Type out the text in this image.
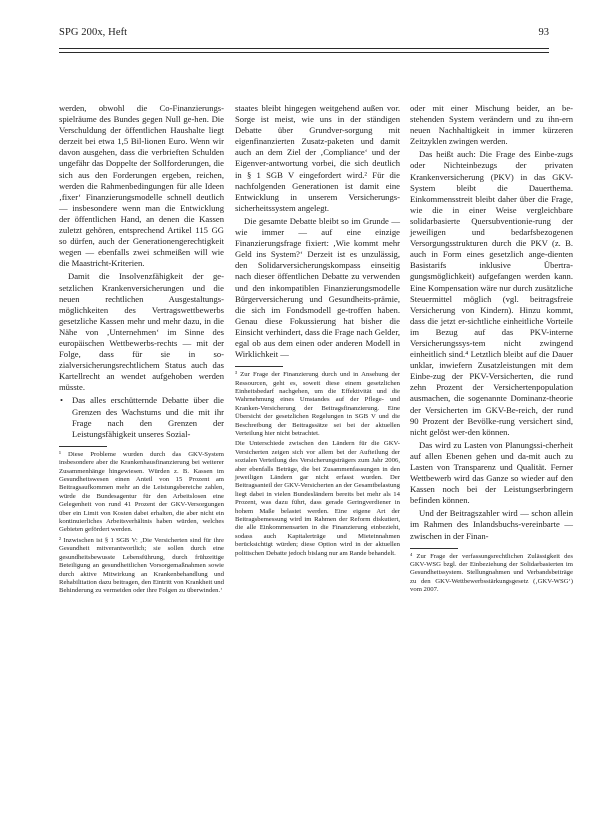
SPG 200x, Heft	93

werden, obwohl die Co-Finanzierungs-spielräume des Bundes gegen Null ge-hen. Die Verschuldung der öffentlichen Haushalte liegt derzeit bei etwa 1,5 Bil-lionen Euro. Wenn wir davon ausgehen, dass die verbrieften Schulden ungefähr das Doppelte der Sollforderungen, die sich aus den Forderungen ergeben, reichen, werden die Rahmenbedingungen für alle Ideen ‚fixer‘ Finanzierungsmodelle schnell deutlich — insbesondere wenn man die Entwicklung der öffentlichen Hand, an denen die Kassen zuletzt gehören, entsprechend Artikel 115 GG so dürfen, auch der Generationengerechtigkeit wegen — ebenfalls zwei schmeißen will wie die Maastricht-Kriterien.

Damit die Insolvenzfähigkeit der ge-setzlichen Krankenversicherungen und die neuen rechtlichen Ausgestaltungs-möglichkeiten des Vertragswettbewerbs gesetzliche Kassen mehr und mehr dazu, in die Nähe von ‚Unternehmen‘ im Sinne des europäischen Wettbewerbs-rechts — mit der Folge, dass für sie in so-zialversicherungsrechtlichem Status auch das Kartellrecht an wendet aufgehoben werden müsste.

• Das alles erschütternde Debatte über die Grenzen des Wachstums und die mit ihr Frage nach den Grenzen der Leistungsfähigkeit unseres Sozial-

¹ Diese Probleme wurden durch das GKV-System insbesondere aber die Krankenhausfinanzierung bei weiterer Zusammenhänge hingewiesen. Würden z. B. Kassen im Gesundheitswesen einen Anteil von 15 Prozent am Beitragsaufkommen mehr an die Leistungsbereiche zahlen, würde die Bundesagentur für den Arbeitslosen eine Gelegenheit von rund 41 Prozent der GKV-Versorgungen über ein Limit von Kosten dabei erhalten, die aber nicht ein kontinuierliches Arbeitsverhältnis haben würden, welches Gebieten gefördert werden.

² Inzwischen ist § 1 SGB V: ‚Die Versicherten sind für ihre Gesundheit mitverantwortlich; sie sollen durch eine gesundheitsbewusste Lebensführung, durch frühzeitige Beteiligung an gesundheitlichen Vorsorgemaßnahmen sowie durch aktive Mitwirkung an Krankenbehandlung und Rehabilitation dazu beitragen, den Eintritt von Krankheit und Behinderung zu vermeiden oder ihre Folgen zu überwinden.‘

staates bleibt hingegen weitgehend außen vor. Sorge ist meist, wie uns in der ständigen Debatte über Grundver-sorgung mit eigenfinanzierten Zusatz-paketen und damit auch an dem Ziel der ‚Compliance‘ und der Eigenver-antwortung vorbei, die sich deutlich in § 1 SGB V eingefordert wird.² Für die nachfolgenden Generationen ist damit eine Entwicklung in unserem Versicherungs-sicherheitssystem angelegt.

Die gesamte Debatte bleibt so im Grunde — wie immer — auf eine einzige Finanzierungsfrage fixiert: ‚Wie kommt mehr Geld ins System?‘ Derzeit ist es unzulässig, den Solidarversicherungskompass einseitig nach dieser öffentlichen Debatte zu verwenden und den inkompatiblen Finanzierungsmodelle Bürgerversicherung und Gesundheits-prämie, die sich im Fondsmodell ge-troffen haben. Genau diese Fokussierung hat bisher die Einsicht verhindert, dass die Frage nach Gelder, egal ob aus dem einen oder anderen Modell in Wirklichkeit —

³ Zur Frage der Finanzierung durch und in Ansehung der Ressourcen, geht es, soweit diese einem gesetzlichen Einheitsbedarf nachgehen, um die Effektivität und die Wahrnehmung eines Umstandes auf der Pflege- und Kranken-Versicherung der Beitragsfinanzierung. Eine Übersicht der gesetzlichen Regelungen in SGB V und die Beschreibung der Beitragssätze sei bei der aktuellen Verteilung hier nicht betrachtet.

Die Unterschiede zwischen den Ländern für die GKV-Versicherten zeigen sich vor allem bei der Aufteilung der sozialen Verteilung des Versicherungsträgers zum Jahr 2006, aber ebenfalls Beträge, die bei Zusammenfassungen in den jeweiligen Ländern gar nicht erfasst wurden. Der Beitragsanteil der GKV-Versicherten an der Gesamtbelastung liegt dabei in vielen Bundesländern bereits bei mehr als 14 Prozent, was dazu führt, dass gerade Geringverdiener in hohem Maße belastet werden. Eine eigene Art der Beitragsbemessung wird im Rahmen der Reform diskutiert, die alle Einkommensarten in die Finanzierung einbezieht, sodass auch Kapitalerträge und Mieteinnahmen berücksichtigt würden; diese Option wird in der aktuellen politischen Debatte jedoch bislang nur am Rande behandelt.

oder mit einer Mischung beider, an be-stehenden System verändern und zu ihn-ern neuen Nachhaltigkeit in immer kürzeren Zeitzyklen zwingen werden.

Das heißt auch: Die Frage des Einbe-zugs oder Nichteinbezugs der privaten Krankenversicherung (PKV) in das GKV-System bleibt die Dauerthema. Einkommensstreit bleibt daher über die Frage, wie die in einer Weise vergleichbare solidarbasierte Quersubventionie-rung der jeweiligen und bedarfsbezogenen Versorgungsstrukturen durch die PKV (z. B. auch in Form eines gesetzlich ange-dienten Basistarifs inklusive Übertra-gungsmöglichkeit) aufgefangen werden kann. Eine Kompensation wäre nur durch zusätzliche Steuermittel möglich (vgl. beitragsfreie Versicherung von Kindern). Hinzu kommt, dass die jetzt er-sichtliche einheitliche Vorteile im Bezug auf das PKV-interne Versicherungssys-tem nicht zwingend einheitlich sind.⁴ Letztlich bleibt auf die Dauer unklar, inwiefern Zusatzleistungen mit dem Einbe-zug der PKV-Versicherten, die rund zehn Prozent der Versichertenpopulation ausmachen, die sogenannte Dominanz-theorie der Versicherten im GKV-Be-reich, der rund 90 Prozent der Bevölke-rung versichert sind, nicht gelöst wer-den können.

Das wird zu Lasten von Planungssi-cherheit auf allen Ebenen gehen und da-mit auch zu Lasten von Transparenz und Qualität. Ferner Wettbewerb wird das Ganze so wieder auf den Kassen noch bei der Leistungserbringern befinden können.

Und der Beitragszahler wird — schon allein im Rahmen des Inlandsbuchs-vereinbarte — zwischen in der Finan-

⁴ Zur Frage der verfassungsrechtlichen Zulässigkeit des GKV-WSG bzgl. der Einbeziehung der Solidarbasierten im Gesundheitssystem. Stellungnahmen und Verbandsbeiträge zu den GKV-Wettbewerbsstärkungsgesetz (‚GKV-WSG‘) vom 2007.
